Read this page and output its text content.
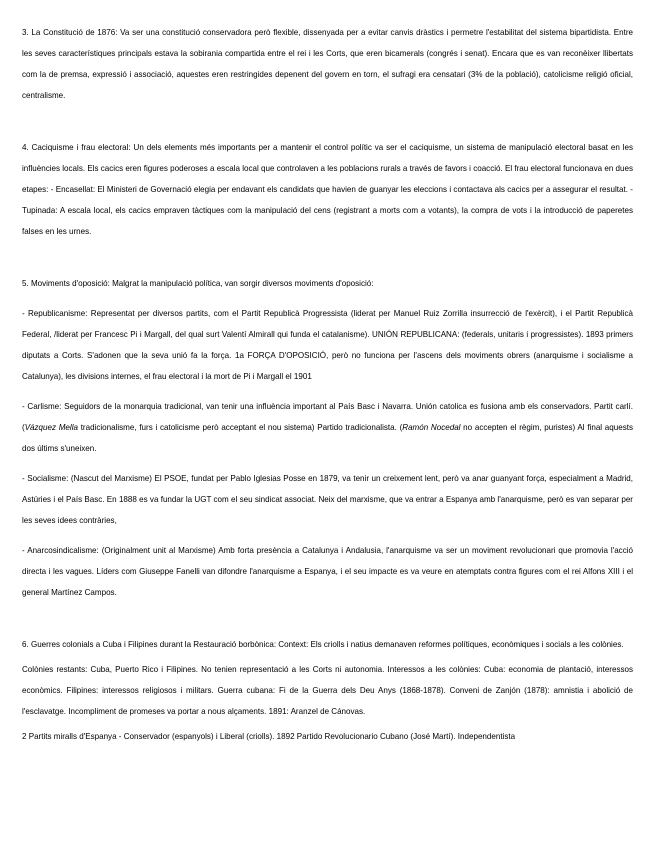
3. La Constitució de 1876: Va ser una constitució conservadora però flexible, dissenyada per a evitar canvis dràstics i permetre l'estabilitat del sistema bipartidista. Entre les seves característiques principals estava la sobirania compartida entre el rei i les Corts, que eren bicamerals (congrés i senat). Encara que es van reconèixer llibertats com la de premsa, expressió i associació, aquestes eren restringides depenent del govern en torn, el sufragi era censatari (3% de la població), catolicisme religió oficial, centralisme.

4. Caciquisme i frau electoral: Un dels elements més importants per a mantenir el control polític va ser el caciquisme, un sistema de manipulació electoral basat en les influències locals. Els cacics eren figures poderoses a escala local que controlaven a les poblacions rurals a través de favors i coacció. El frau electoral funcionava en dues etapes: - Encasellat: El Ministeri de Governació elegia per endavant els candidats que havien de guanyar les eleccions i contactava als cacics per a assegurar el resultat. - Tupinada: A escala local, els cacics empraven tàctiques com la manipulació del cens (registrant a morts com a votants), la compra de vots i la introducció de paperetes falses en les urnes.

5. Moviments d'oposició: Malgrat la manipulació política, van sorgir diversos moviments d'oposició:

- Republicanisme: Representat per diversos partits, com el Partit Republicà Progressista (liderat per Manuel Ruiz Zorrilla insurrecció de l'exèrcit), i el Partit Republicà Federal, /liderat per Francesc Pi i Margall, del qual surt Valentí Almirall qui funda el catalanisme). UNIÓN REPUBLICANA: (federals, unitaris i progressistes). 1893 primers diputats a Corts. S'adonen que la seva unió fa la força. 1a FORÇA D'OPOSICIÓ, però no funciona per l'ascens dels moviments obrers (anarquisme i socialisme a Catalunya), les divisions internes, el frau electoral i la mort de Pi i Margall el 1901

- Carlisme: Seguidors de la monarquia tradicional, van tenir una influència important al País Basc i Navarra. Unión catolica es fusiona amb els conservadors. Partit carlí. (Vázquez Mella tradicionalisme, furs i catolicisme però acceptant el nou sistema) Partido tradicionalista. (Ramón Nocedal no accepten el règim, puristes) Al final aquests dos últims s'uneixen.

- Socialisme: (Nascut del Marxisme) El PSOE, fundat per Pablo Iglesias Posse en 1879, va tenir un creixement lent, però va anar guanyant força, especialment a Madrid, Astúries i el País Basc. En 1888 es va fundar la UGT com el seu sindicat associat. Neix del marxisme, que va entrar a Espanya amb l'anarquisme, però es van separar per les seves idees contràries,

- Anarcosindicalisme: (Originalment unit al Marxisme) Amb forta presència a Catalunya i Andalusia, l'anarquisme va ser un moviment revolucionari que promovia l'acció directa i les vagues. Líders com Giuseppe Fanelli van difondre l'anarquisme a Espanya, i el seu impacte es va veure en atemptats contra figures com el rei Alfons XIII i el general Martínez Campos.

6. Guerres colonials a Cuba i Filipines durant la Restauració borbònica: Context: Els criolls i natius demanaven reformes polítiques, econòmiques i socials a les colònies.

Colònies restants: Cuba, Puerto Rico i Filipines. No tenien representació a les Corts ni autonomia. Interessos a les colònies: Cuba: economia de plantació, interessos econòmics. Filipines: interessos religiosos i militars. Guerra cubana: Fi de la Guerra dels Deu Anys (1868-1878). Conveni de Zanjón (1878): amnistia i abolició de l'esclavatge. Incompliment de promeses va portar a nous alçaments. 1891: Aranzel de Cánovas.

2 Partits miralls d'Espanya - Conservador (espanyols) i Liberal (criolls). 1892 Partido Revolucionario Cubano (José Martí). Independentista
